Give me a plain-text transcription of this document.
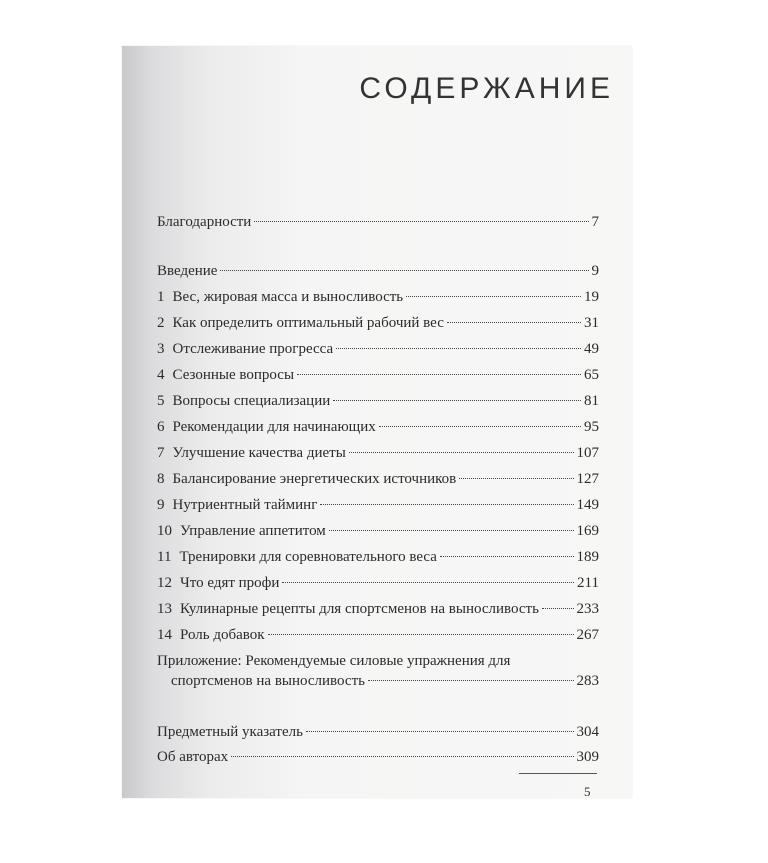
СОДЕРЖАНИЕ
Благодарности	7
Введение	9
1 Вес, жировая масса и выносливость	19
2 Как определить оптимальный рабочий вес	31
3 Отслеживание прогресса	49
4 Сезонные вопросы	65
5 Вопросы специализации	81
6 Рекомендации для начинающих	95
7 Улучшение качества диеты	107
8 Балансирование энергетических источников	127
9 Нутриентный тайминг	149
10 Управление аппетитом	169
11 Тренировки для соревновательного веса	189
12 Что едят профи	211
13 Кулинарные рецепты для спортсменов на выносливость	233
14 Роль добавок	267
Приложение: Рекомендуемые силовые упражнения для
спортсменов на выносливость	283
Предметный указатель	304
Об авторах	309
5
